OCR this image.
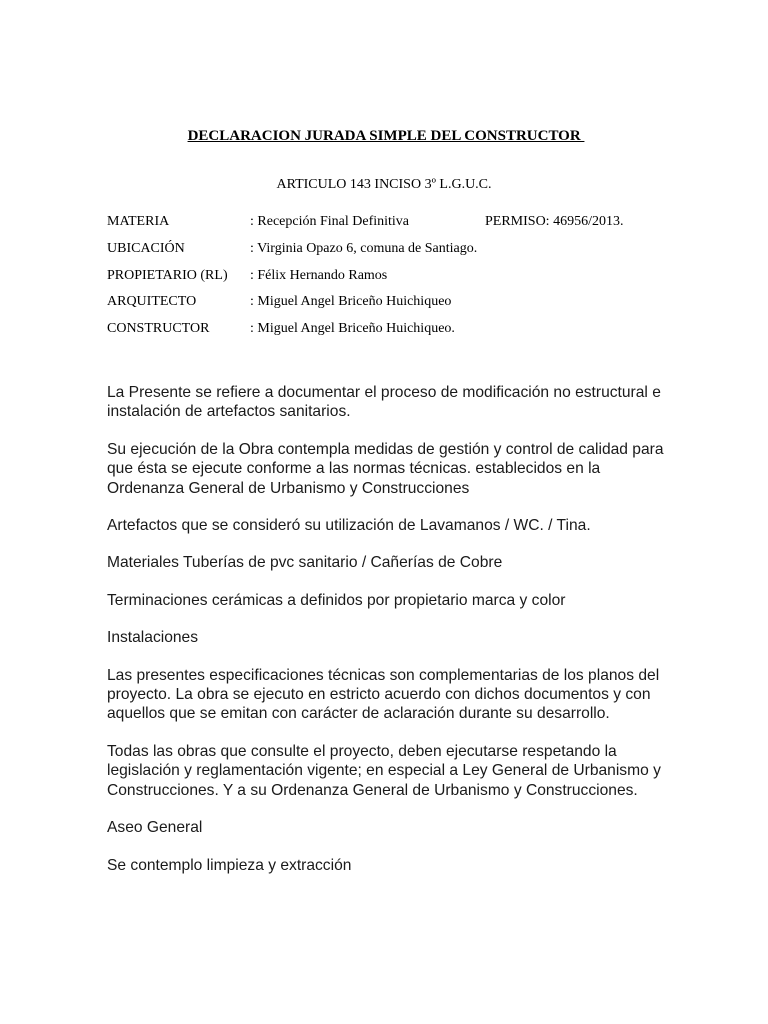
DECLARACION JURADA SIMPLE DEL CONSTRUCTOR
ARTICULO 143 INCISO 3º L.G.U.C.
MATERIA	: Recepción Final Definitiva	PERMISO: 46956/2013.
UBICACIÓN	: Virginia Opazo 6, comuna de Santiago.
PROPIETARIO (RL) : Félix Hernando Ramos
ARQUITECTO	: Miguel Angel Briceño Huichiqueo
CONSTRUCTOR	: Miguel Angel Briceño Huichiqueo.

La Presente se refiere a documentar el proceso de modificación no estructural e instalación de artefactos sanitarios.

Su ejecución de la Obra contempla medidas de gestión y control de calidad para que ésta se ejecute conforme a las normas técnicas. establecidos en la Ordenanza General de Urbanismo y Construcciones

Artefactos que se consideró su utilización de Lavamanos / WC. / Tina.

Materiales Tuberías de pvc sanitario / Cañerías de Cobre

Terminaciones cerámicas a definidos por propietario marca y color

Instalaciones

Las presentes especificaciones técnicas son complementarias de los planos del proyecto. La obra se ejecuto en estricto acuerdo con dichos documentos y con aquellos que se emitan con carácter de aclaración durante su desarrollo.

Todas las obras que consulte el proyecto, deben ejecutarse respetando la legislación y reglamentación vigente; en especial a Ley General de Urbanismo y Construcciones. Y a su Ordenanza General de Urbanismo y Construcciones.

Aseo General

Se contemplo limpieza y extracción
